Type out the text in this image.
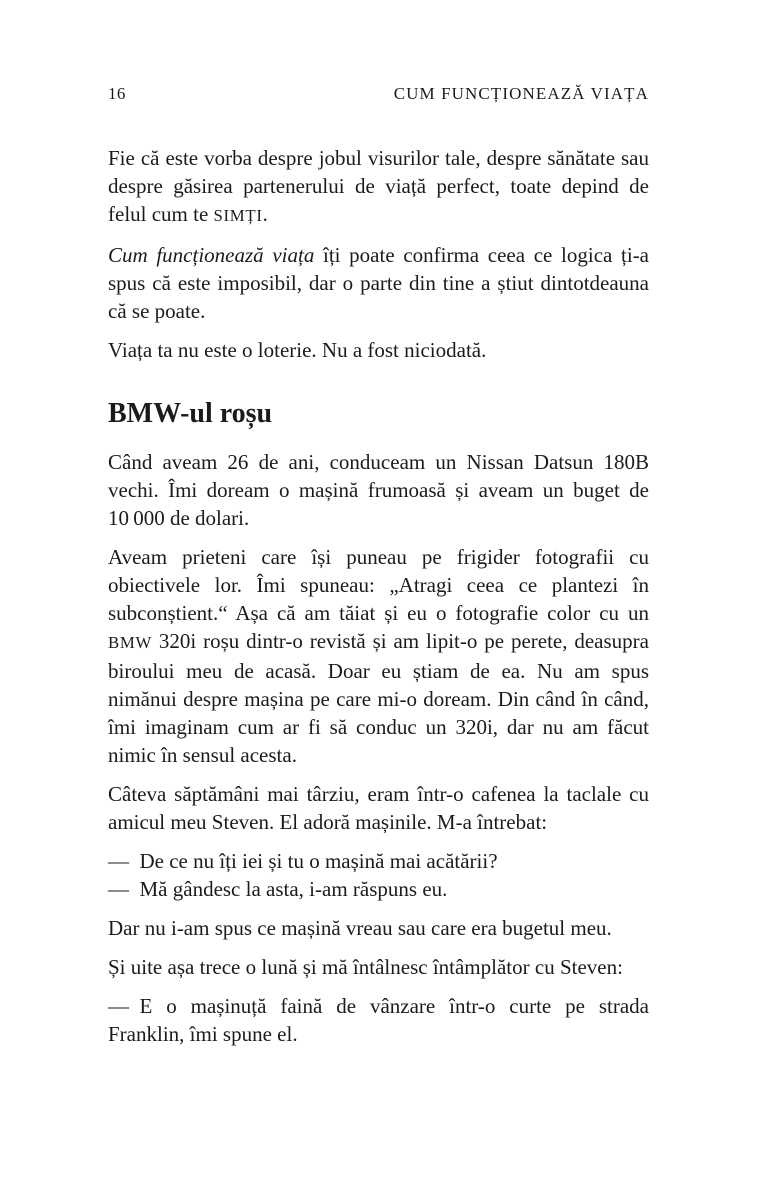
16	CUM FUNCȚIONEAZĂ VIAȚA

Fie că este vorba despre jobul visurilor tale, despre sănătate sau despre găsirea partenerului de viață perfect, toate depind de felul cum te SIMȚI.

Cum funcționează viața îți poate confirma ceea ce logica ți-a spus că este imposibil, dar o parte din tine a știut dintotdeauna că se poate.

Viața ta nu este o loterie. Nu a fost niciodată.

BMW-ul roșu

Când aveam 26 de ani, conduceam un Nissan Datsun 180B vechi. Îmi doream o mașină frumoasă și aveam un buget de 10 000 de dolari.

Aveam prieteni care își puneau pe frigider fotografii cu obiectivele lor. Îmi spuneau: „Atragi ceea ce plantezi în subconștient.“ Așa că am tăiat și eu o fotografie color cu un BMW 320i roșu dintr-o revistă și am lipit-o pe perete, deasupra biroului meu de acasă. Doar eu știam de ea. Nu am spus nimănui despre mașina pe care mi-o doream. Din când în când, îmi imaginam cum ar fi să conduc un 320i, dar nu am făcut nimic în sensul acesta.

Câteva săptămâni mai târziu, eram într-o cafenea la taclale cu amicul meu Steven. El adoră mașinile. M-a întrebat:

— De ce nu îți iei și tu o mașină mai acătării?

— Mă gândesc la asta, i-am răspuns eu.

Dar nu i-am spus ce mașină vreau sau care era bugetul meu.

Și uite așa trece o lună și mă întâlnesc întâmplător cu Steven:

— E o mașinuță faină de vânzare într-o curte pe strada Franklin, îmi spune el.
